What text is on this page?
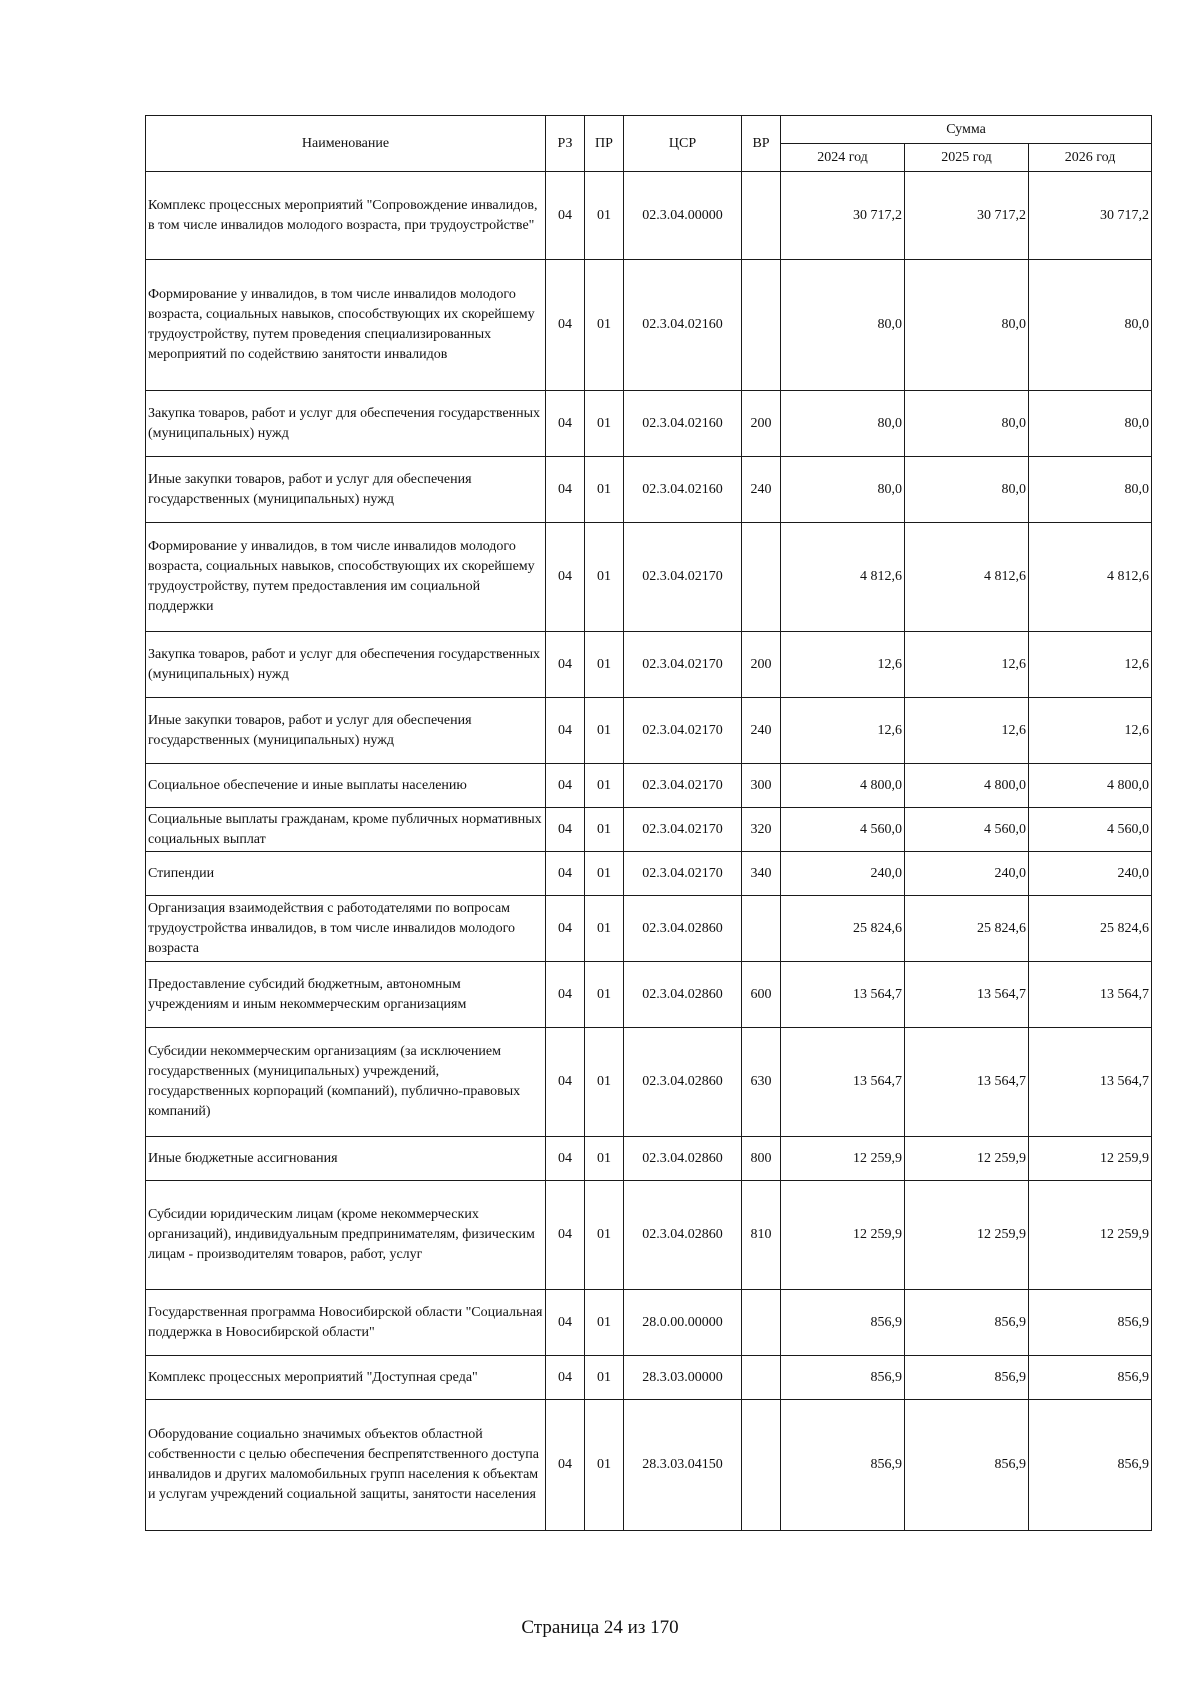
Наименование	РЗ	ПР	ЦСР	ВР	Сумма		
					2024 год	2025 год	2026 год
Комплекс процессных мероприятий "Сопровождение инвалидов, в том числе инвалидов молодого возраста, при трудоустройстве"	04	01	02.3.04.00000		30 717,2	30 717,2	30 717,2
Формирование у инвалидов, в том числе инвалидов молодого возраста, социальных навыков, способствующих их скорейшему трудоустройству, путем проведения специализированных мероприятий по содействию занятости инвалидов	04	01	02.3.04.02160		80,0	80,0	80,0
Закупка товаров, работ и услуг для обеспечения государственных (муниципальных) нужд	04	01	02.3.04.02160	200	80,0	80,0	80,0
Иные закупки товаров, работ и услуг для обеспечения государственных (муниципальных) нужд	04	01	02.3.04.02160	240	80,0	80,0	80,0
Формирование у инвалидов, в том числе инвалидов молодого возраста, социальных навыков, способствующих их скорейшему трудоустройству, путем предоставления им социальной поддержки	04	01	02.3.04.02170		4 812,6	4 812,6	4 812,6
Закупка товаров, работ и услуг для обеспечения государственных (муниципальных) нужд	04	01	02.3.04.02170	200	12,6	12,6	12,6
Иные закупки товаров, работ и услуг для обеспечения государственных (муниципальных) нужд	04	01	02.3.04.02170	240	12,6	12,6	12,6
Социальное обеспечение и иные выплаты населению	04	01	02.3.04.02170	300	4 800,0	4 800,0	4 800,0
Социальные выплаты гражданам, кроме публичных нормативных социальных выплат	04	01	02.3.04.02170	320	4 560,0	4 560,0	4 560,0
Стипендии	04	01	02.3.04.02170	340	240,0	240,0	240,0
Организация взаимодействия с работодателями по вопросам трудоустройства инвалидов, в том числе инвалидов молодого возраста	04	01	02.3.04.02860		25 824,6	25 824,6	25 824,6
Предоставление субсидий бюджетным, автономным учреждениям и иным некоммерческим организациям	04	01	02.3.04.02860	600	13 564,7	13 564,7	13 564,7
Субсидии некоммерческим организациям (за исключением государственных (муниципальных) учреждений, государственных корпораций (компаний), публично-правовых компаний)	04	01	02.3.04.02860	630	13 564,7	13 564,7	13 564,7
Иные бюджетные ассигнования	04	01	02.3.04.02860	800	12 259,9	12 259,9	12 259,9
Субсидии юридическим лицам (кроме некоммерческих организаций), индивидуальным предпринимателям, физическим лицам - производителям товаров, работ, услуг	04	01	02.3.04.02860	810	12 259,9	12 259,9	12 259,9
Государственная программа Новосибирской области "Социальная поддержка в Новосибирской области"	04	01	28.0.00.00000		856,9	856,9	856,9
Комплекс процессных мероприятий "Доступная среда"	04	01	28.3.03.00000		856,9	856,9	856,9
Оборудование социально значимых объектов областной собственности с целью обеспечения беспрепятственного доступа инвалидов и других маломобильных групп населения к объектам и услугам учреждений социальной защиты, занятости населения	04	01	28.3.03.04150		856,9	856,9	856,9
Страница 24 из 170
